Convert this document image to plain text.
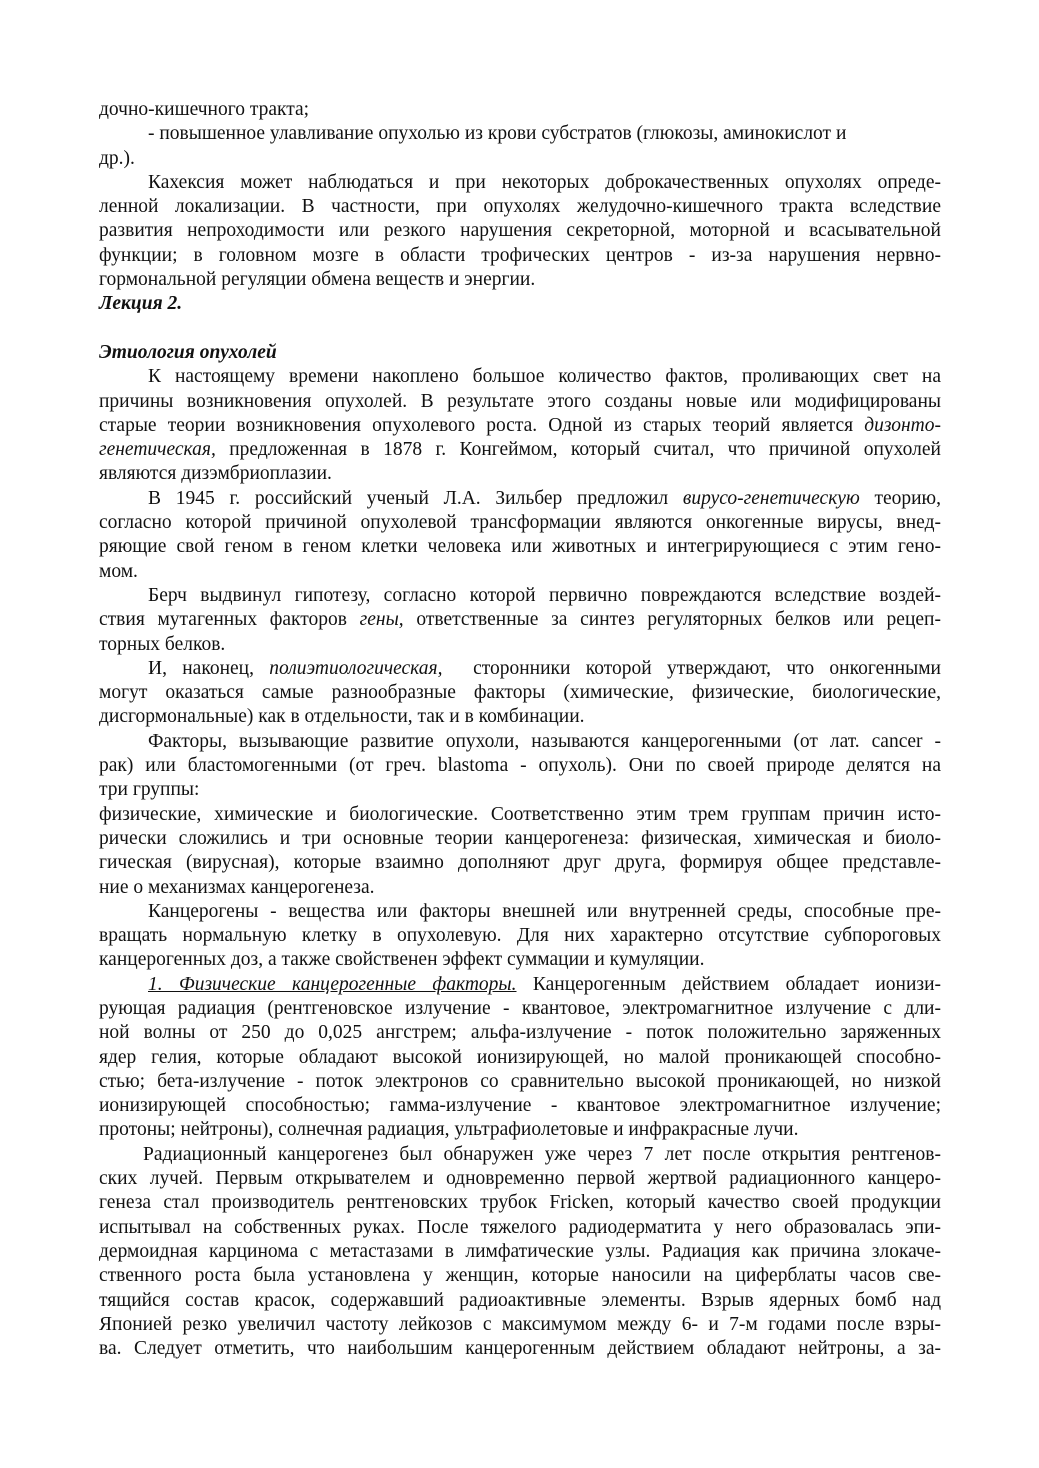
дочно-кишечного тракта;
- повышенное улавливание опухолью из крови субстратов (глюкозы, аминокислот и
др.).
Кахексия может наблюдаться и при некоторых доброкачественных опухолях опреде-
ленной локализации. В частности, при опухолях желудочно-кишечного тракта вследствие
развития непроходимости или резкого нарушения секреторной, моторной и всасывательной
функции; в головном мозге в области трофических центров - из-за нарушения нервно-
гормональной регуляции обмена веществ и энергии.
Лекция 2.
Этиология опухолей
К настоящему времени накоплено большое количество фактов, проливающих свет на
причины возникновения опухолей. В результате этого созданы новые или модифицированы
старые теории возникновения опухолевого роста. Одной из старых теорий является дизонто-
генетическая, предложенная в 1878 г. Конгеймом, который считал, что причиной опухолей
являются дизэмбриоплазии.
В 1945 г. российский ученый Л.А. Зильбер предложил вирусо-генетическую теорию,
согласно которой причиной опухолевой трансформации являются онкогенные вирусы, внед-
ряющие свой геном в геном клетки человека или животных и интегрирующиеся с этим гено-
мом.
Берч выдвинул гипотезу, согласно которой первично повреждаются вследствие воздей-
ствия мутагенных факторов гены, ответственные за синтез регуляторных белков или рецеп-
торных белков.
И, наконец, полиэтиологическая,  сторонники которой утверждают, что онкогенными
могут оказаться самые разнообразные факторы (химические, физические, биологические,
дисгормональные) как в отдельности, так и в комбинации.
Факторы, вызывающие развитие опухоли, называются канцерогенными (от лат. cancer -
рак) или бластомогенными (от греч. blastoma - опухоль). Они по своей природе делятся на
три группы:
физические, химические и биологические. Соответственно этим трем группам причин исто-
рически сложились и три основные теории канцерогенеза: физическая, химическая и биоло-
гическая (вирусная), которые взаимно дополняют друг друга, формируя общее представле-
ние о механизмах канцерогенеза.
Канцерогены - вещества или факторы внешней или внутренней среды, способные пре-
вращать нормальную клетку в опухолевую. Для них характерно отсутствие субпороговых
канцерогенных доз, а также свойственен эффект суммации и кумуляции.
1. Физические канцерогенные факторы. Канцерогенным действием обладает ионизи-
рующая радиация (рентгеновское излучение - квантовое, электромагнитное излучение с дли-
ной волны от 250 до 0,025 ангстрем; альфа-излучение - поток положительно заряженных
ядер гелия, которые обладают высокой ионизирующей, но малой проникающей способно-
стью; бета-излучение - поток электронов со сравнительно высокой проникающей, но низкой
ионизирующей способностью; гамма-излучение - квантовое электромагнитное излучение;
протоны; нейтроны), солнечная радиация, ультрафиолетовые и инфракрасные лучи.
Радиационный канцерогенез был обнаружен уже через 7 лет после открытия рентгенов-
ских лучей. Первым открывателем и одновременно первой жертвой радиационного канцеро-
генеза стал производитель рентгеновских трубок Fricken, который качество своей продукции
испытывал на собственных руках. После тяжелого радиодерматита у него образовалась эпи-
дермоидная карцинома с метастазами в лимфатические узлы. Радиация как причина злокаче-
ственного роста была установлена у женщин, которые наносили на циферблаты часов све-
тящийся состав красок, содержавший радиоактивные элементы. Взрыв ядерных бомб над
Японией резко увеличил частоту лейкозов с максимумом между 6- и 7-м годами после взры-
ва. Следует отметить, что наибольшим канцерогенным действием обладают нейтроны, а за-
